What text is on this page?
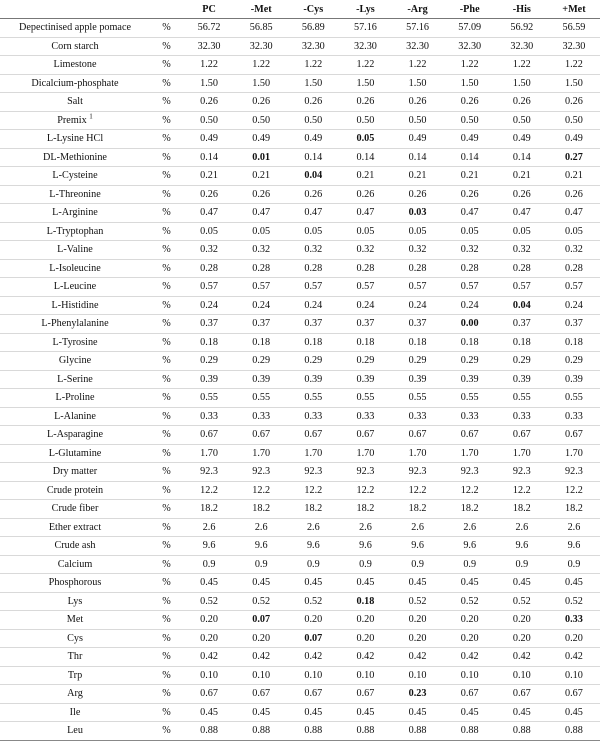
		PC	-Met	-Cys	-Lys	-Arg	-Phe	-His	+Met
Depectinised apple pomace	%	56.72	56.85	56.89	57.16	57.16	57.09	56.92	56.59
Corn starch	%	32.30	32.30	32.30	32.30	32.30	32.30	32.30	32.30
Limestone	%	1.22	1.22	1.22	1.22	1.22	1.22	1.22	1.22
Dicalcium-phosphate	%	1.50	1.50	1.50	1.50	1.50	1.50	1.50	1.50
Salt	%	0.26	0.26	0.26	0.26	0.26	0.26	0.26	0.26
Premix $^1$	%	0.50	0.50	0.50	0.50	0.50	0.50	0.50	0.50
L-Lysine HCl	%	0.49	0.49	0.49	0.05	0.49	0.49	0.49	0.49
DL-Methionine	%	0.14	0.01	0.14	0.14	0.14	0.14	0.14	0.27
L-Cysteine	%	0.21	0.21	0.04	0.21	0.21	0.21	0.21	0.21
L-Threonine	%	0.26	0.26	0.26	0.26	0.26	0.26	0.26	0.26
L-Arginine	%	0.47	0.47	0.47	0.47	0.03	0.47	0.47	0.47
L-Tryptophan	%	0.05	0.05	0.05	0.05	0.05	0.05	0.05	0.05
L-Valine	%	0.32	0.32	0.32	0.32	0.32	0.32	0.32	0.32
L-Isoleucine	%	0.28	0.28	0.28	0.28	0.28	0.28	0.28	0.28
L-Leucine	%	0.57	0.57	0.57	0.57	0.57	0.57	0.57	0.57
L-Histidine	%	0.24	0.24	0.24	0.24	0.24	0.24	0.04	0.24
L-Phenylalanine	%	0.37	0.37	0.37	0.37	0.37	0.00	0.37	0.37
L-Tyrosine	%	0.18	0.18	0.18	0.18	0.18	0.18	0.18	0.18
Glycine	%	0.29	0.29	0.29	0.29	0.29	0.29	0.29	0.29
L-Serine	%	0.39	0.39	0.39	0.39	0.39	0.39	0.39	0.39
L-Proline	%	0.55	0.55	0.55	0.55	0.55	0.55	0.55	0.55
L-Alanine	%	0.33	0.33	0.33	0.33	0.33	0.33	0.33	0.33
L-Asparagine	%	0.67	0.67	0.67	0.67	0.67	0.67	0.67	0.67
L-Glutamine	%	1.70	1.70	1.70	1.70	1.70	1.70	1.70	1.70
Dry matter	%	92.3	92.3	92.3	92.3	92.3	92.3	92.3	92.3
Crude protein	%	12.2	12.2	12.2	12.2	12.2	12.2	12.2	12.2
Crude fiber	%	18.2	18.2	18.2	18.2	18.2	18.2	18.2	18.2
Ether extract	%	2.6	2.6	2.6	2.6	2.6	2.6	2.6	2.6
Crude ash	%	9.6	9.6	9.6	9.6	9.6	9.6	9.6	9.6
Calcium	%	0.9	0.9	0.9	0.9	0.9	0.9	0.9	0.9
Phosphorous	%	0.45	0.45	0.45	0.45	0.45	0.45	0.45	0.45
Lys	%	0.52	0.52	0.52	0.18	0.52	0.52	0.52	0.52
Met	%	0.20	0.07	0.20	0.20	0.20	0.20	0.20	0.33
Cys	%	0.20	0.20	0.07	0.20	0.20	0.20	0.20	0.20
Thr	%	0.42	0.42	0.42	0.42	0.42	0.42	0.42	0.42
Trp	%	0.10	0.10	0.10	0.10	0.10	0.10	0.10	0.10
Arg	%	0.67	0.67	0.67	0.67	0.23	0.67	0.67	0.67
Ile	%	0.45	0.45	0.45	0.45	0.45	0.45	0.45	0.45
Leu	%	0.88	0.88	0.88	0.88	0.88	0.88	0.88	0.88
